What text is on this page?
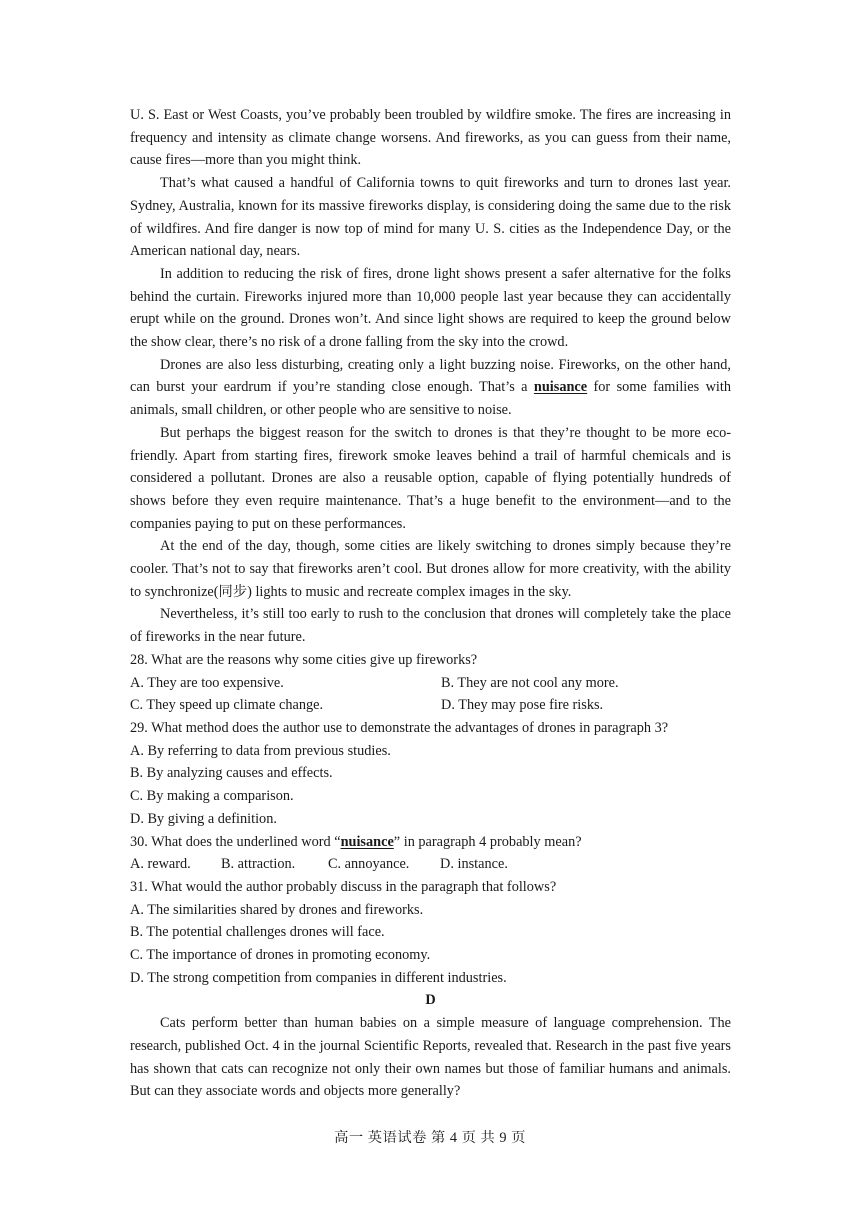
U. S. East or West Coasts, you’ve probably been troubled by wildfire smoke. The fires are increasing in frequency and intensity as climate change worsens. And fireworks, as you can guess from their name, cause fires—more than you might think.

That’s what caused a handful of California towns to quit fireworks and turn to drones last year. Sydney, Australia, known for its massive fireworks display, is considering doing the same due to the risk of wildfires. And fire danger is now top of mind for many U. S. cities as the Independence Day, or the American national day, nears.

In addition to reducing the risk of fires, drone light shows present a safer alternative for the folks behind the curtain. Fireworks injured more than 10,000 people last year because they can accidentally erupt while on the ground. Drones won’t. And since light shows are required to keep the ground below the show clear, there’s no risk of a drone falling from the sky into the crowd.

Drones are also less disturbing, creating only a light buzzing noise. Fireworks, on the other hand, can burst your eardrum if you’re standing close enough. That’s a nuisance for some families with animals, small children, or other people who are sensitive to noise.

But perhaps the biggest reason for the switch to drones is that they’re thought to be more eco-friendly. Apart from starting fires, firework smoke leaves behind a trail of harmful chemicals and is considered a pollutant. Drones are also a reusable option, capable of flying potentially hundreds of shows before they even require maintenance. That’s a huge benefit to the environment—and to the companies paying to put on these performances.

At the end of the day, though, some cities are likely switching to drones simply because they’re cooler. That’s not to say that fireworks aren’t cool. But drones allow for more creativity, with the ability to synchronize(同步) lights to music and recreate complex images in the sky.

Nevertheless, it’s still too early to rush to the conclusion that drones will completely take the place of fireworks in the near future.

28. What are the reasons why some cities give up fireworks?

A. They are too expensive.	B. They are not cool any more.
C. They speed up climate change.	D. They may pose fire risks.

29. What method does the author use to demonstrate the advantages of drones in paragraph 3?

A. By referring to data from previous studies.

B. By analyzing causes and effects.

C. By making a comparison.

D. By giving a definition.

30. What does the underlined word “nuisance” in paragraph 4 probably mean?

A. reward.	B. attraction.	C. annoyance.	D. instance.

31. What would the author probably discuss in the paragraph that follows?

A. The similarities shared by drones and fireworks.

B. The potential challenges drones will face.

C. The importance of drones in promoting economy.

D. The strong competition from companies in different industries.

D

Cats perform better than human babies on a simple measure of language comprehension. The research, published Oct. 4 in the journal Scientific Reports, revealed that. Research in the past five years has shown that cats can recognize not only their own names but those of familiar humans and animals. But can they associate words and objects more generally?

高一 英语试卷 第 4 页 共 9 页
